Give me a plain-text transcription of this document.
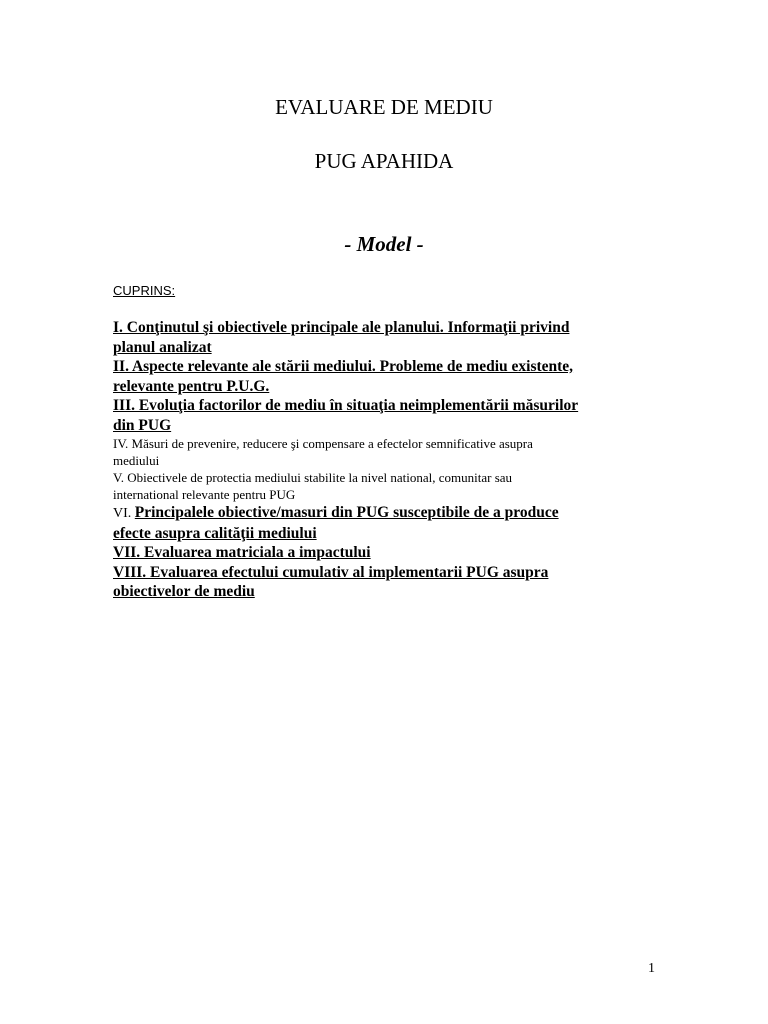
EVALUARE DE MEDIU
PUG APAHIDA
- Model -
CUPRINS:
I. Conţinutul şi obiectivele principale ale planului. Informaţii privind
planul analizat
II. Aspecte relevante ale stării mediului. Probleme de mediu existente,
relevante pentru P.U.G.
III. Evoluţia factorilor de mediu în situaţia neimplementării măsurilor
din PUG
IV. Măsuri de prevenire, reducere şi compensare a efectelor semnificative asupra
mediului
V. Obiectivele de protectia mediului stabilite la nivel national, comunitar sau
international relevante pentru PUG
VI. Principalele obiective/masuri din PUG susceptibile de a produce
efecte asupra calităţii mediului
VII. Evaluarea matriciala a impactului
VIII. Evaluarea efectului cumulativ al implementarii PUG asupra
obiectivelor de mediu
1
